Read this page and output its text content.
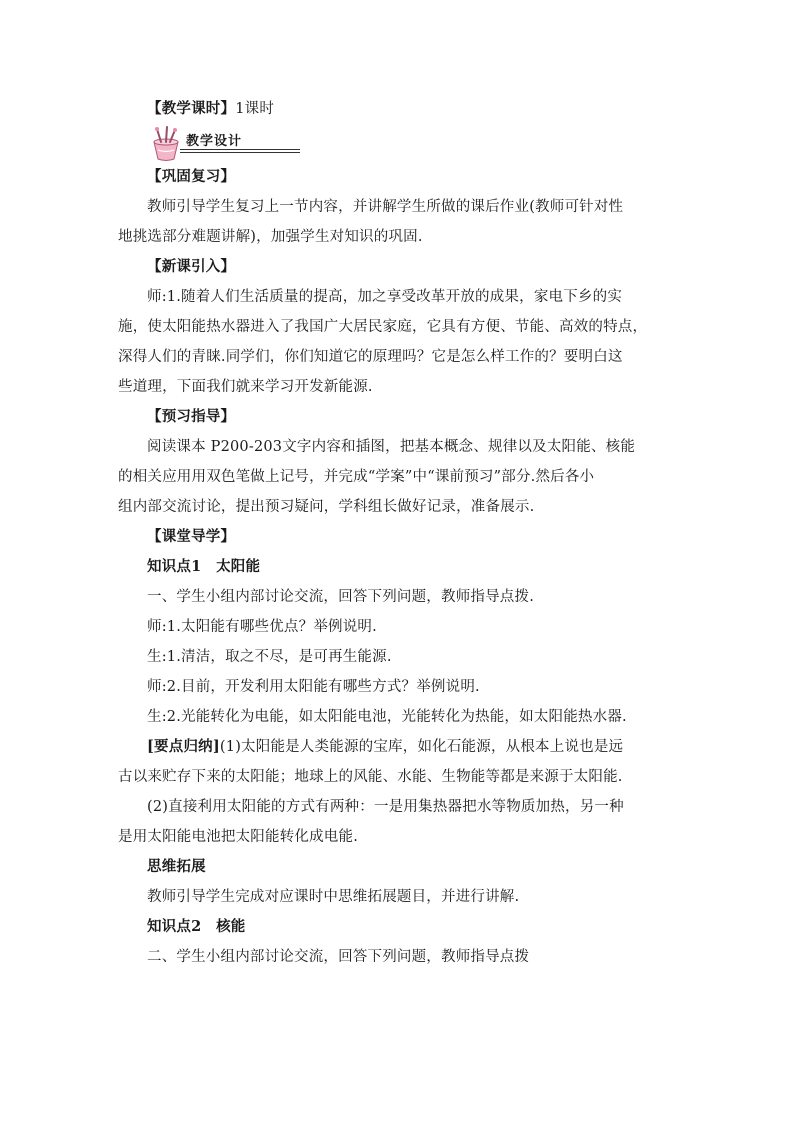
【教学课时】1课时
教学设计
【巩固复习】
教师引导学生复习上一节内容，并讲解学生所做的课后作业(教师可针对性
地挑选部分难题讲解)，加强学生对知识的巩固.
【新课引入】
师:1.随着人们生活质量的提高，加之享受改革开放的成果，家电下乡的实
施，使太阳能热水器进入了我国广大居民家庭，它具有方便、节能、高效的特点，
深得人们的青睐.同学们，你们知道它的原理吗？它是怎么样工作的？要明白这
些道理，下面我们就来学习开发新能源.
【预习指导】
阅读课本 P200-203文字内容和插图，把基本概念、规律以及太阳能、核能
的相关应用用双色笔做上记号，并完成“学案”中“课前预习”部分.然后各小
组内部交流讨论，提出预习疑问，学科组长做好记录，准备展示.
【课堂导学】
知识点1　太阳能
一、学生小组内部讨论交流，回答下列问题，教师指导点拨.
师:1.太阳能有哪些优点？举例说明.
生:1.清洁，取之不尽，是可再生能源.
师:2.目前，开发利用太阳能有哪些方式？举例说明.
生:2.光能转化为电能，如太阳能电池，光能转化为热能，如太阳能热水器.
[要点归纳](1)太阳能是人类能源的宝库，如化石能源，从根本上说也是远
古以来贮存下来的太阳能；地球上的风能、水能、生物能等都是来源于太阳能.
(2)直接利用太阳能的方式有两种：一是用集热器把水等物质加热，另一种
是用太阳能电池把太阳能转化成电能.
思维拓展
教师引导学生完成对应课时中思维拓展题目，并进行讲解.
知识点2　核能
二、学生小组内部讨论交流，回答下列问题，教师指导点拨
